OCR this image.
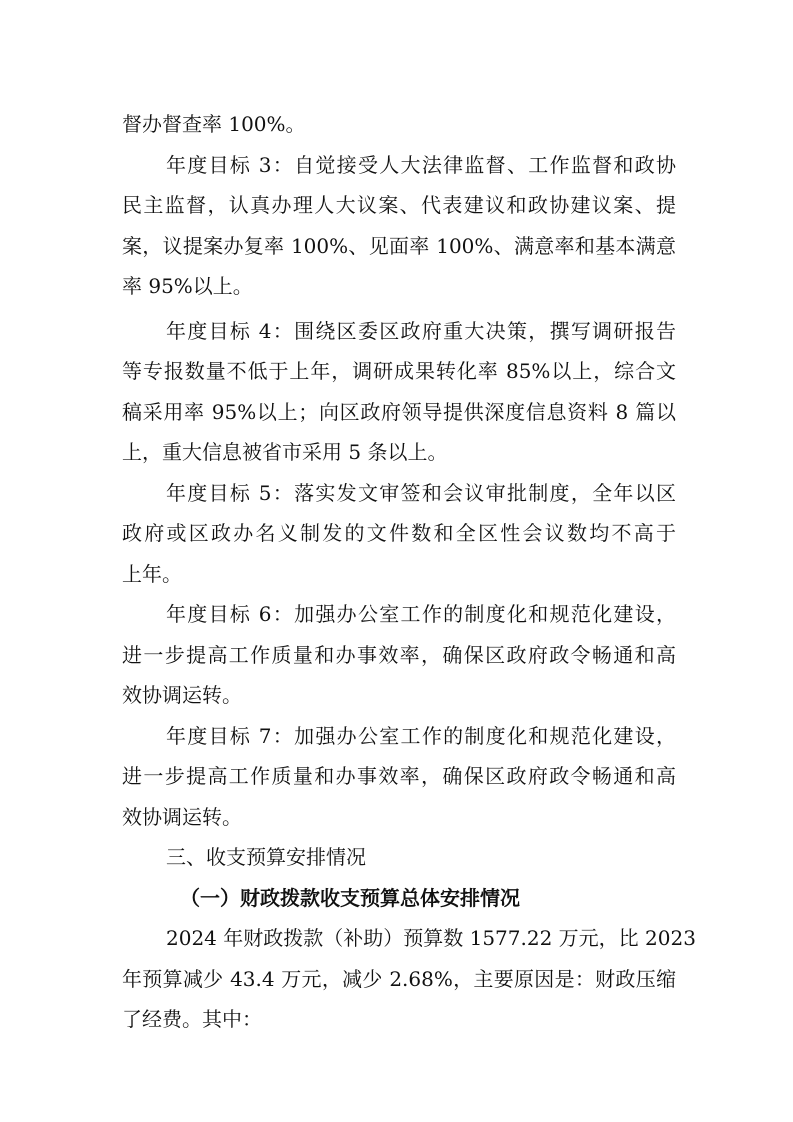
督办督查率 100%。
年度目标 3：自觉接受人大法律监督、工作监督和政协
民主监督，认真办理人大议案、代表建议和政协建议案、提
案，议提案办复率 100%、见面率 100%、满意率和基本满意
率 95%以上。
年度目标 4：围绕区委区政府重大决策，撰写调研报告
等专报数量不低于上年，调研成果转化率 85%以上，综合文
稿采用率 95%以上；向区政府领导提供深度信息资料 8 篇以
上，重大信息被省市采用 5 条以上。
年度目标 5：落实发文审签和会议审批制度，全年以区
政府或区政办名义制发的文件数和全区性会议数均不高于
上年。
年度目标 6：加强办公室工作的制度化和规范化建设，
进一步提高工作质量和办事效率，确保区政府政令畅通和高
效协调运转。
年度目标 7：加强办公室工作的制度化和规范化建设，
进一步提高工作质量和办事效率，确保区政府政令畅通和高
效协调运转。
三、收支预算安排情况
（一）财政拨款收支预算总体安排情况
2024 年财政拨款（补助）预算数 1577.22 万元，比 2023
年预算减少 43.4 万元，减少 2.68%，主要原因是：财政压缩
了经费。其中：
